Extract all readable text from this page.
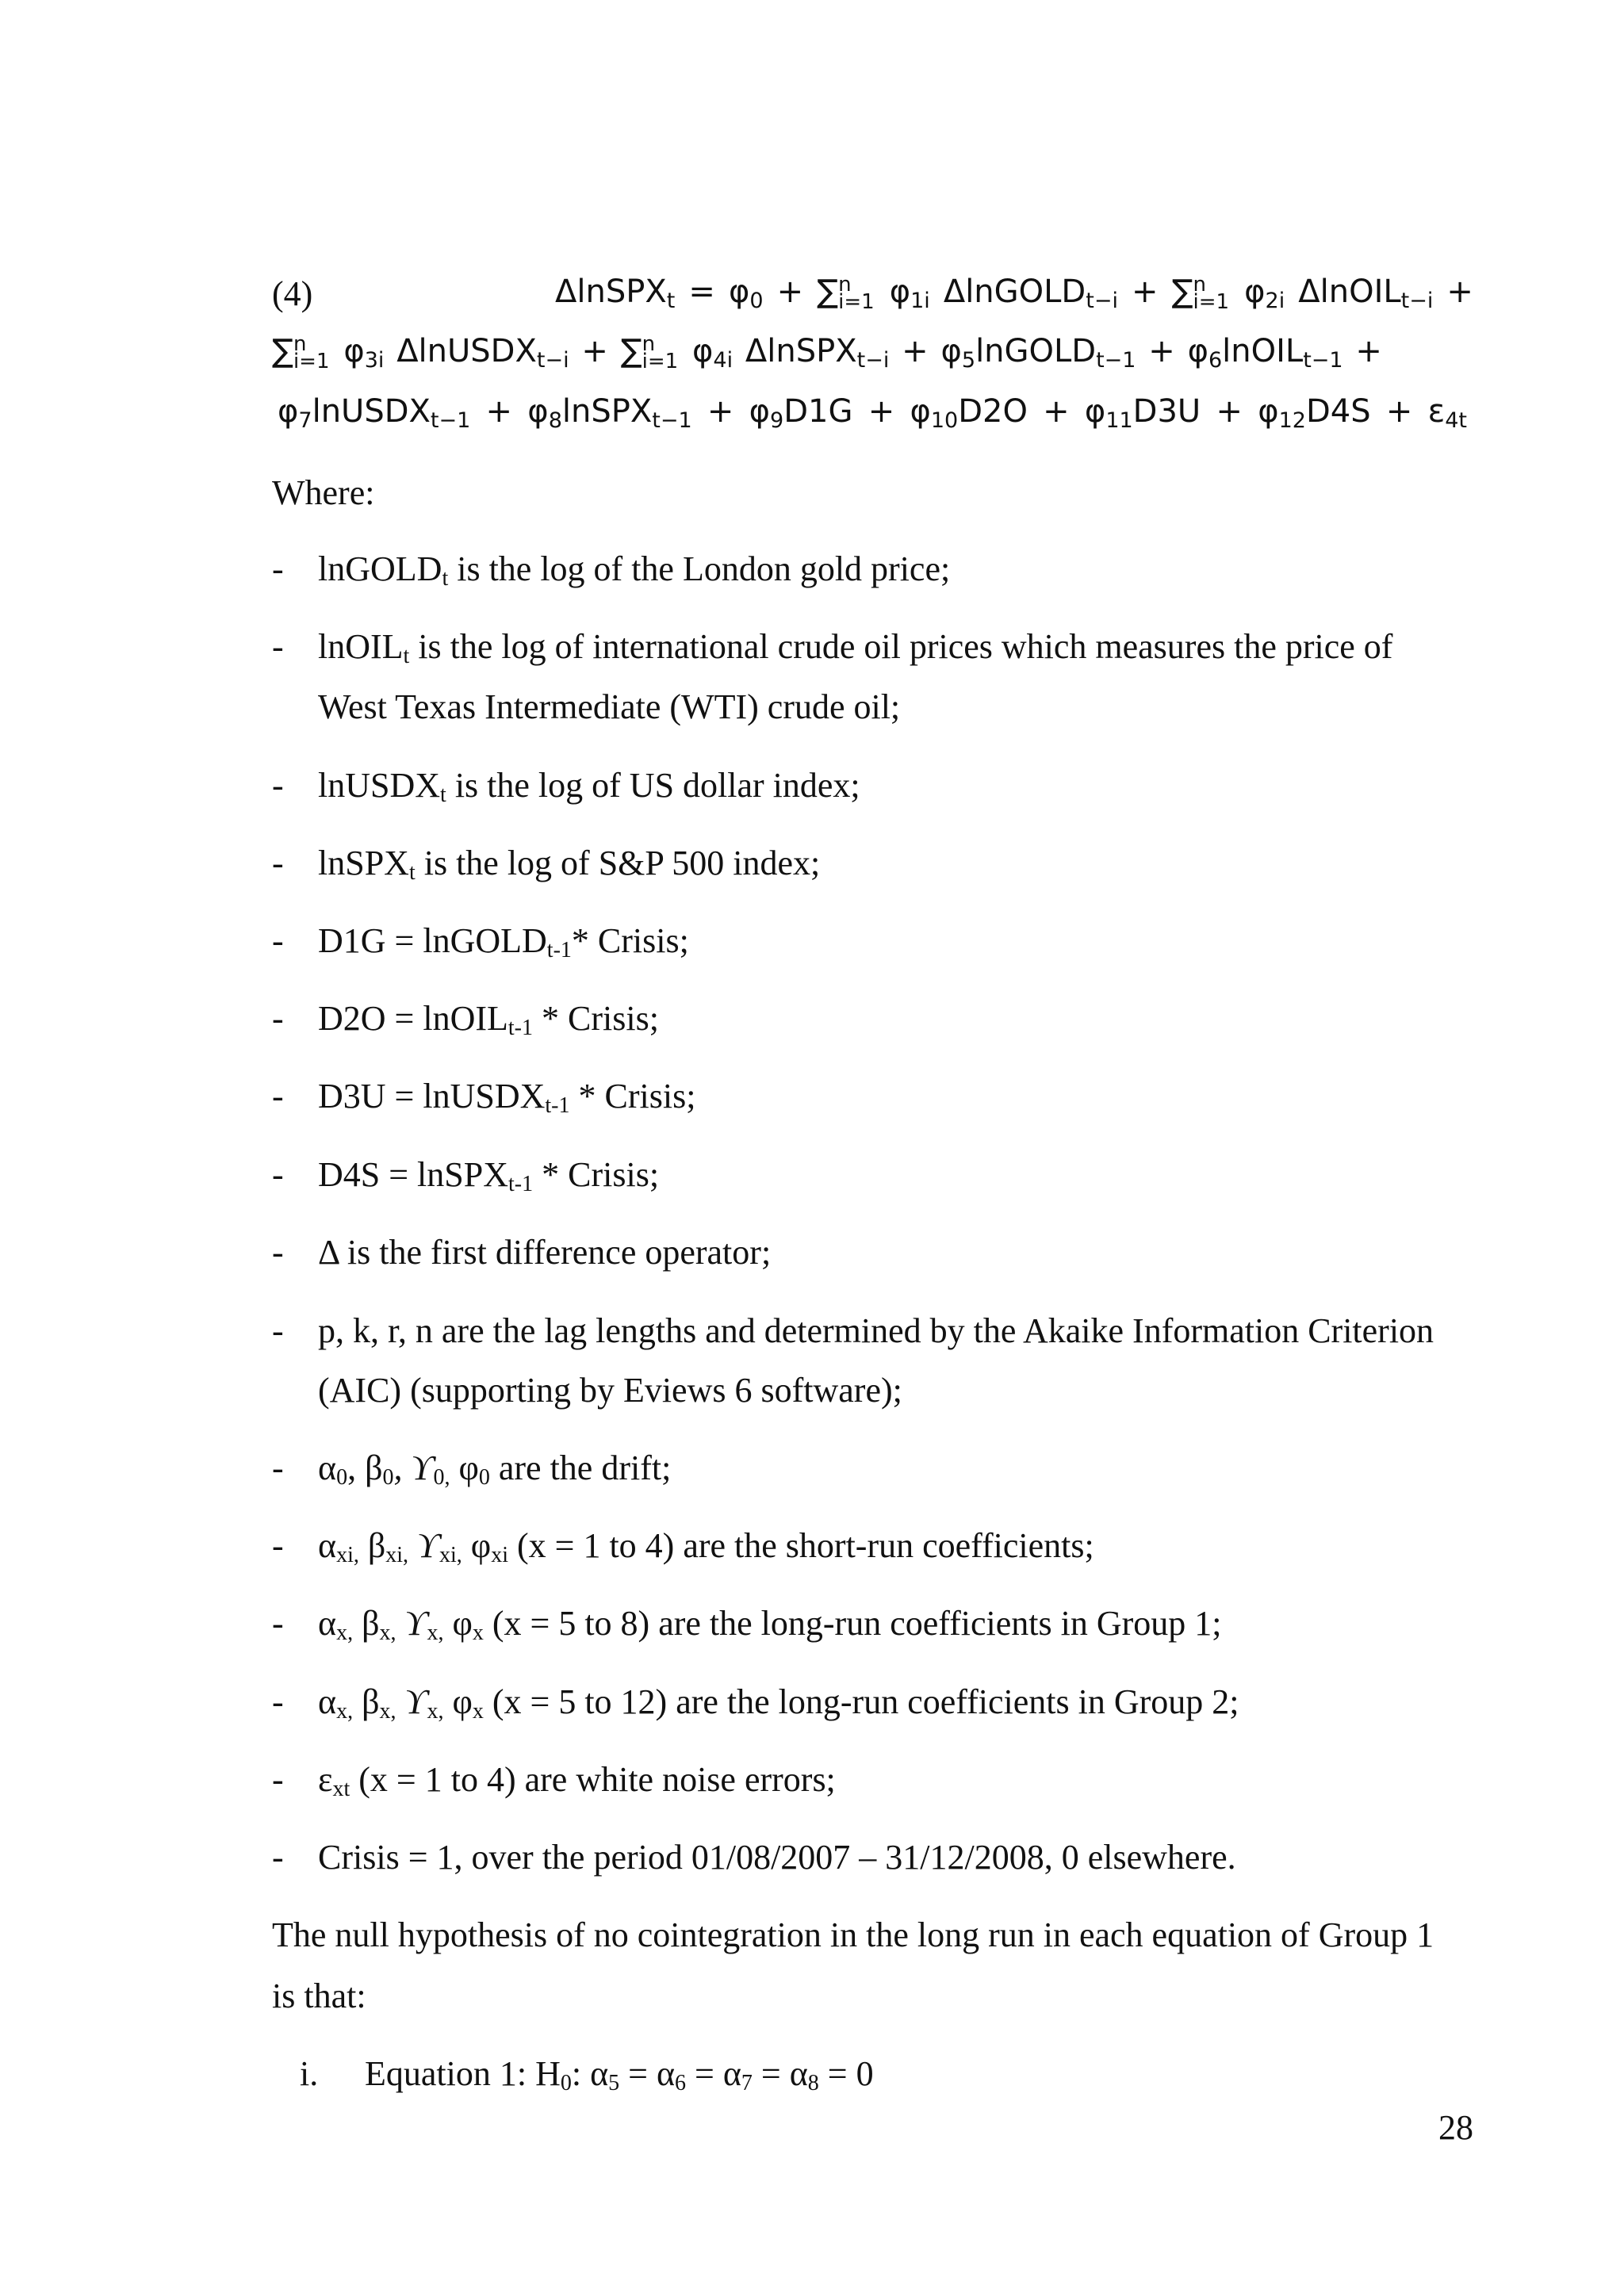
(4)	ΔlnSPX$_t$ = $\varphi_0$ + ∑ n
i=1 $\varphi_{1i}$ ΔlnGOLD$_{t-i}$ + ∑ n
i=1 $\varphi_{2i}$ ΔlnOIL$_{t-i}$ +
∑ n
i=1 $\varphi_{3i}$ ΔlnUSDX$_{t-i}$ + ∑ n
i=1 $\varphi_{4i}$ ΔlnSPX$_{t-i}$ + $\varphi_5lnGOLD_{t-1}$ + $\varphi_6lnOIL_{t-1}$ +
$\varphi_7lnUSDX_{t-1}$ + $\varphi_8lnSPX_{t-1} + \varphi_9D1G + \varphi_{10}D2O + \varphi_{11}D3U + \varphi_{12}D4S + \varepsilon_{4t}$
Where:
- lnGOLD$_t$ is the log of the London gold price;
- lnOIL$_t$ is the log of international crude oil prices which measures the price of
West Texas Intermediate (WTI) crude oil;
- lnUSDX$_t$ is the log of US dollar index;
- lnSPX$_t$ is the log of S&P 500 index;
- D1G = lnGOLD$_{t-1}$* Crisis;
- D2O = lnOIL$_{t-1}$ * Crisis;
- D3U = lnUSDX$_{t-1}$ * Crisis;
- D4S = lnSPX$_{t-1}$ * Crisis;
- Δ is the first difference operator;
- p, k, r, n are the lag lengths and determined by the Akaike Information Criterion
(AIC) (supporting by Eviews 6 software);
- $\alpha_0$, $\beta_0$, $ϒ_{0,}$ $\varphi_0$ are the drift;
- $\alpha_{xi,}$ $\beta_{xi,}$ $ϒ_{xi,}$ $\varphi_{xi}$ (x = 1 to 4) are the short-run coefficients;
- $\alpha_{x,}$ $\beta_{x,}$ $ϒ_{x,}$ $\varphi_x$ (x = 5 to 8) are the long-run coefficients in Group 1;
- $\alpha_{x,}$ $\beta_{x,}$ $ϒ_{x,}$ $\varphi_x$ (x = 5 to 12) are the long-run coefficients in Group 2;
- $\varepsilon_{xt}$ (x = 1 to 4) are white noise errors;
- Crisis = 1, over the period 01/08/2007 – 31/12/2008, 0 elsewhere.
The null hypothesis of no cointegration in the long run in each equation of Group 1
is that:
i. Equation 1: $H_0$: $\alpha_5 = \alpha_6 = \alpha_7 = \alpha_8 = 0$
28
